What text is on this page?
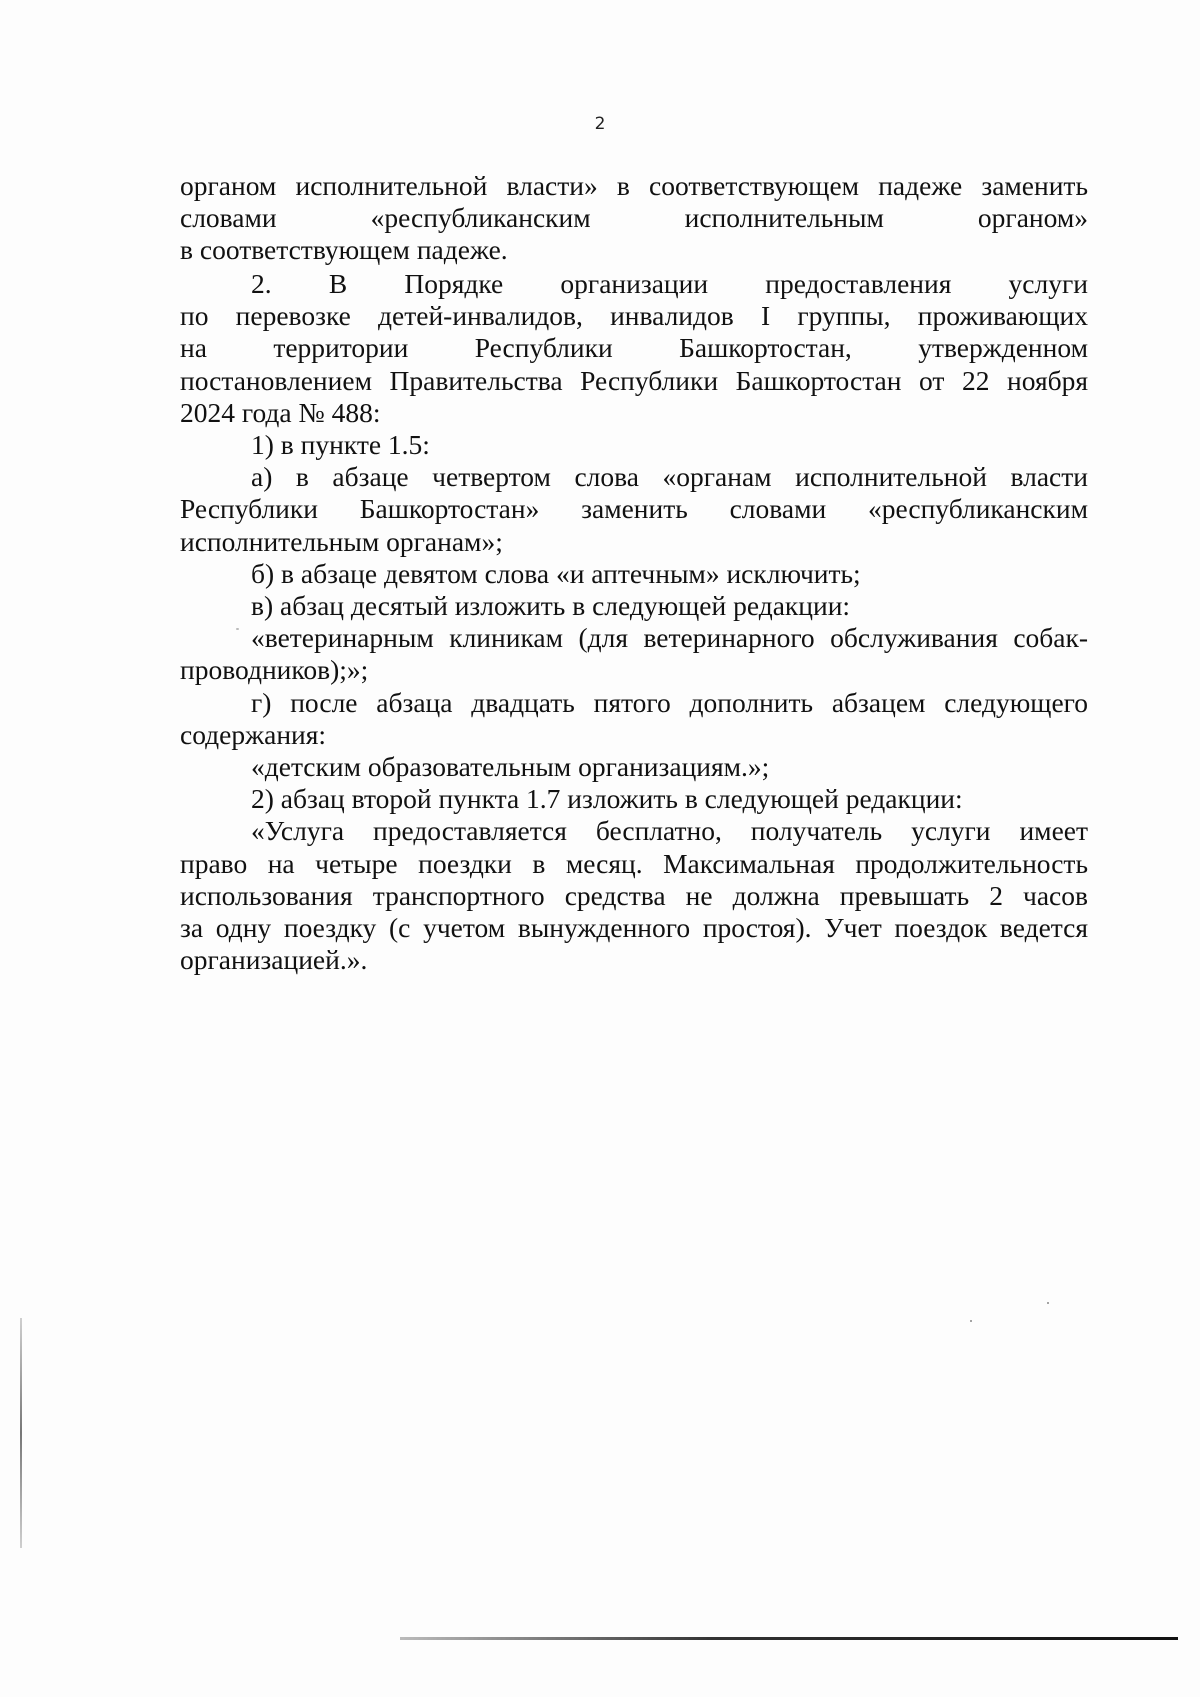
2
органом исполнительной власти» в соответствующем падеже заменить
словами «республиканским исполнительным органом»
в соответствующем падеже.
2. В Порядке организации предоставления услуги
по перевозке детей-инвалидов, инвалидов I группы, проживающих
на территории Республики Башкортостан, утвержденном
постановлением Правительства Республики Башкортостан от 22 ноября
2024 года № 488:
1) в пункте 1.5:
а) в абзаце четвертом слова «органам исполнительной власти
Республики Башкортостан» заменить словами «республиканским
исполнительным органам»;
б) в абзаце девятом слова «и аптечным» исключить;
в) абзац десятый изложить в следующей редакции:
«ветеринарным клиникам (для ветеринарного обслуживания собак-
проводников);»;
г) после абзаца двадцать пятого дополнить абзацем следующего
содержания:
«детским образовательным организациям.»;
2) абзац второй пункта 1.7 изложить в следующей редакции:
«Услуга предоставляется бесплатно, получатель услуги имеет
право на четыре поездки в месяц. Максимальная продолжительность
использования транспортного средства не должна превышать 2 часов
за одну поездку (с учетом вынужденного простоя). Учет поездок ведется
организацией.».
